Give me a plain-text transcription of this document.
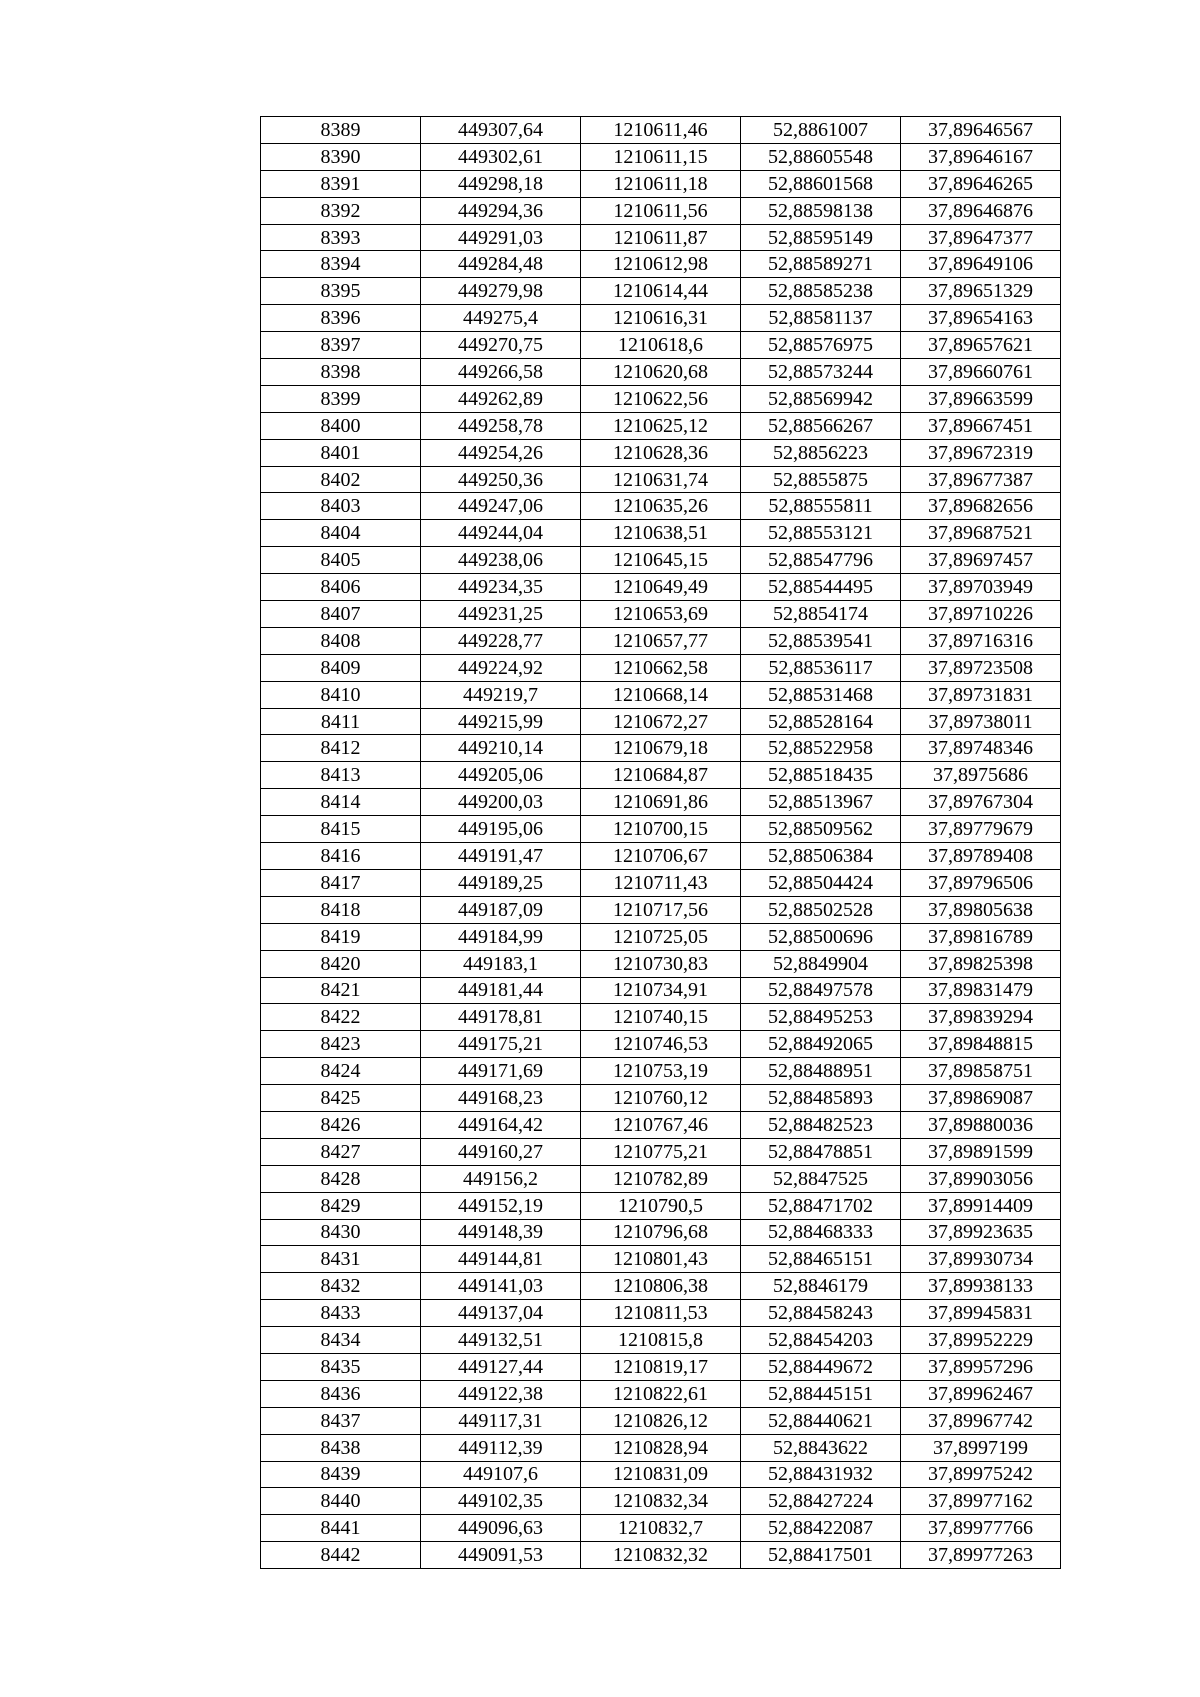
8389	449307,64	1210611,46	52,8861007	37,89646567
8390	449302,61	1210611,15	52,88605548	37,89646167
8391	449298,18	1210611,18	52,88601568	37,89646265
8392	449294,36	1210611,56	52,88598138	37,89646876
8393	449291,03	1210611,87	52,88595149	37,89647377
8394	449284,48	1210612,98	52,88589271	37,89649106
8395	449279,98	1210614,44	52,88585238	37,89651329
8396	449275,4	1210616,31	52,88581137	37,89654163
8397	449270,75	1210618,6	52,88576975	37,89657621
8398	449266,58	1210620,68	52,88573244	37,89660761
8399	449262,89	1210622,56	52,88569942	37,89663599
8400	449258,78	1210625,12	52,88566267	37,89667451
8401	449254,26	1210628,36	52,8856223	37,89672319
8402	449250,36	1210631,74	52,8855875	37,89677387
8403	449247,06	1210635,26	52,88555811	37,89682656
8404	449244,04	1210638,51	52,88553121	37,89687521
8405	449238,06	1210645,15	52,88547796	37,89697457
8406	449234,35	1210649,49	52,88544495	37,89703949
8407	449231,25	1210653,69	52,8854174	37,89710226
8408	449228,77	1210657,77	52,88539541	37,89716316
8409	449224,92	1210662,58	52,88536117	37,89723508
8410	449219,7	1210668,14	52,88531468	37,89731831
8411	449215,99	1210672,27	52,88528164	37,89738011
8412	449210,14	1210679,18	52,88522958	37,89748346
8413	449205,06	1210684,87	52,88518435	37,8975686
8414	449200,03	1210691,86	52,88513967	37,89767304
8415	449195,06	1210700,15	52,88509562	37,89779679
8416	449191,47	1210706,67	52,88506384	37,89789408
8417	449189,25	1210711,43	52,88504424	37,89796506
8418	449187,09	1210717,56	52,88502528	37,89805638
8419	449184,99	1210725,05	52,88500696	37,89816789
8420	449183,1	1210730,83	52,8849904	37,89825398
8421	449181,44	1210734,91	52,88497578	37,89831479
8422	449178,81	1210740,15	52,88495253	37,89839294
8423	449175,21	1210746,53	52,88492065	37,89848815
8424	449171,69	1210753,19	52,88488951	37,89858751
8425	449168,23	1210760,12	52,88485893	37,89869087
8426	449164,42	1210767,46	52,88482523	37,89880036
8427	449160,27	1210775,21	52,88478851	37,89891599
8428	449156,2	1210782,89	52,8847525	37,89903056
8429	449152,19	1210790,5	52,88471702	37,89914409
8430	449148,39	1210796,68	52,88468333	37,89923635
8431	449144,81	1210801,43	52,88465151	37,89930734
8432	449141,03	1210806,38	52,8846179	37,89938133
8433	449137,04	1210811,53	52,88458243	37,89945831
8434	449132,51	1210815,8	52,88454203	37,89952229
8435	449127,44	1210819,17	52,88449672	37,89957296
8436	449122,38	1210822,61	52,88445151	37,89962467
8437	449117,31	1210826,12	52,88440621	37,89967742
8438	449112,39	1210828,94	52,8843622	37,8997199
8439	449107,6	1210831,09	52,88431932	37,89975242
8440	449102,35	1210832,34	52,88427224	37,89977162
8441	449096,63	1210832,7	52,88422087	37,89977766
8442	449091,53	1210832,32	52,88417501	37,89977263
